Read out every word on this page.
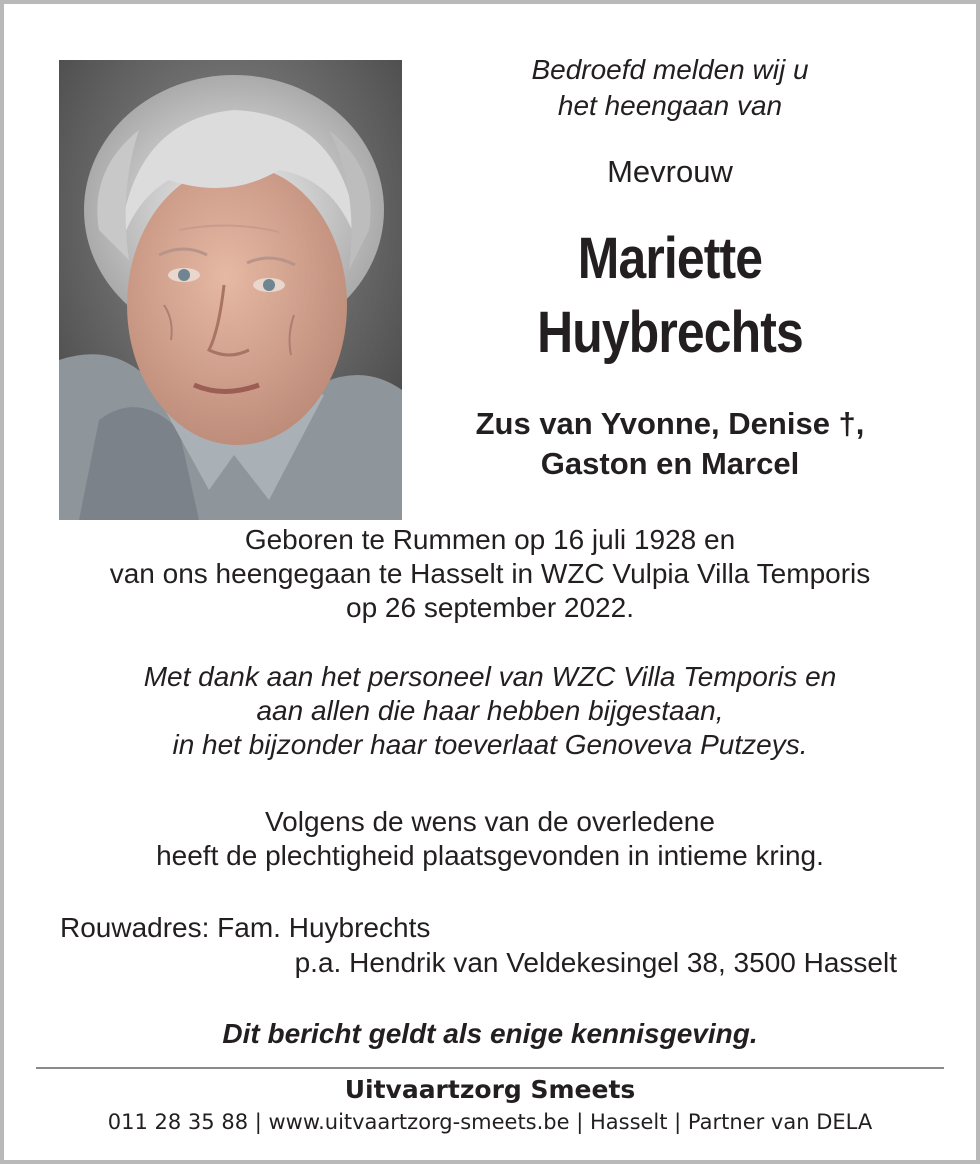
Bedroefd melden wij u
het heengaan van
Mevrouw
Mariette
Huybrechts
Zus van Yvonne, Denise †,
Gaston en Marcel
Geboren te Rummen op 16 juli 1928 en
van ons heengegaan te Hasselt in WZC Vulpia Villa Temporis
op 26 september 2022.
Met dank aan het personeel van WZC Villa Temporis en
aan allen die haar hebben bijgestaan,
in het bijzonder haar toeverlaat Genoveva Putzeys.
Volgens de wens van de overledene
heeft de plechtigheid plaatsgevonden in intieme kring.
Rouwadres: Fam. Huybrechts
p.a. Hendrik van Veldekesingel 38, 3500 Hasselt
Dit bericht geldt als enige kennisgeving.
Uitvaartzorg Smeets
011 28 35 88 | www.uitvaartzorg-smeets.be | Hasselt | Partner van DELA
